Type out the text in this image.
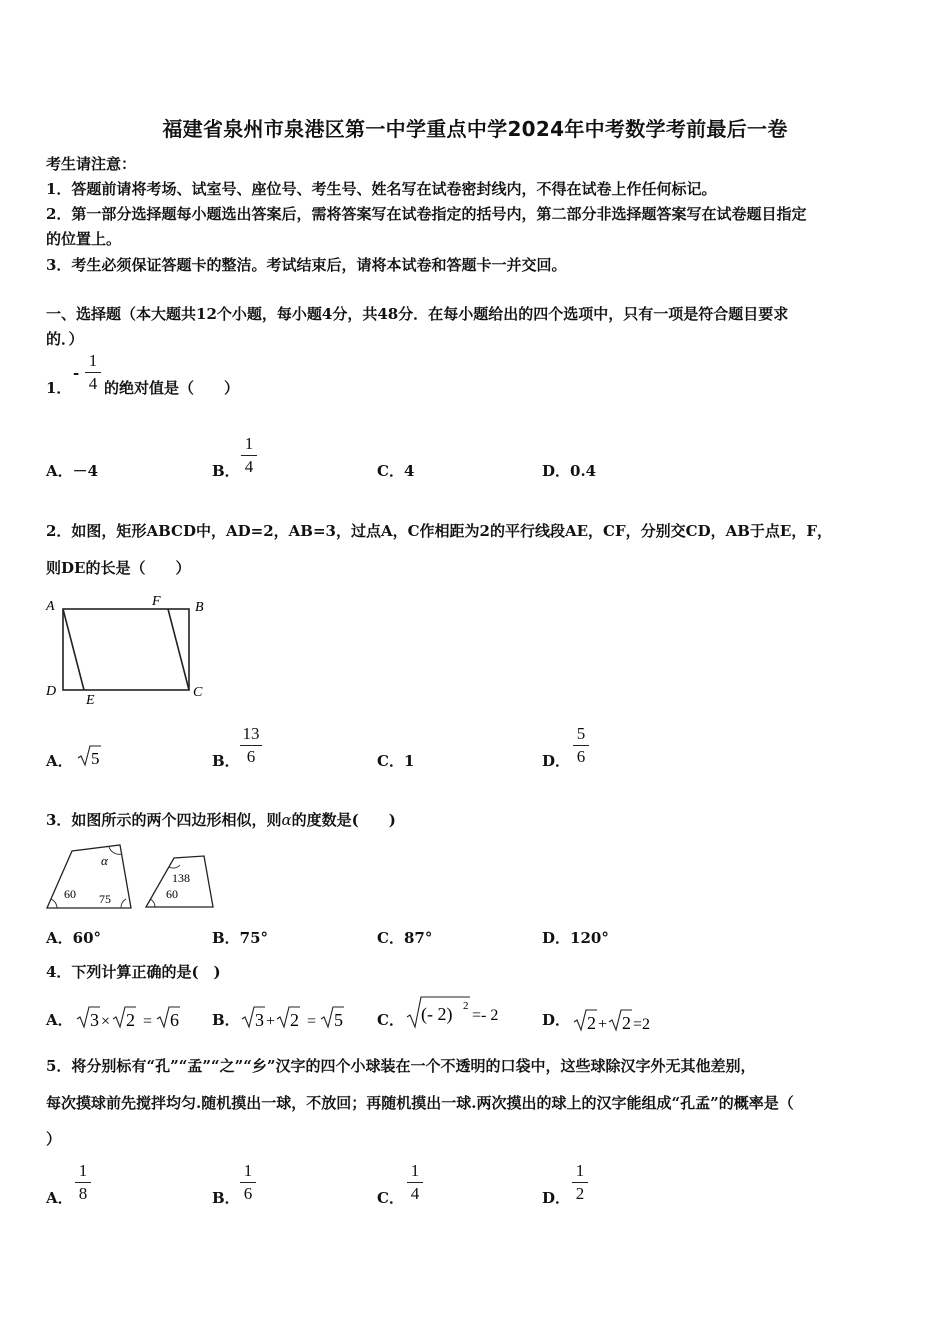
福建省泉州市泉港区第一中学重点中学2024年中考数学考前最后一卷
考生请注意：
1．答题前请将考场、试室号、座位号、考生号、姓名写在试卷密封线内，不得在试卷上作任何标记。
2．第一部分选择题每小题选出答案后，需将答案写在试卷指定的括号内，第二部分非选择题答案写在试卷题目指定
的位置上。
3．考生必须保证答题卡的整洁。考试结束后，请将本试卷和答题卡一并交回。
一、选择题（本大题共12个小题，每小题4分，共48分．在每小题给出的四个选项中，只有一项是符合题目要求
的．）
1．
-
1
4 的绝对值是（　　）
A．－4	B．
1
4	C．4	D．0.4
2．如图，矩形ABCD中，AD=2，AB=3，过点A，C作相距为2的平行线段AE，CF，分别交CD，AB于点E，F，
则DE的长是（　　）
A	F B
D
E
C
A． 5	B．
13
6	C．1	D．
5
6
3．如图所示的两个四边形相似，则α的度数是(　　)
α
60 75
138
60
A．60°	B．75°	C．87°	D．120°
4．下列计算正确的是(　)
A． 3 × 2 = 6 B． 3 + 2 = 5 C． (- 2) 2
=- 2	D． 2 + 2 =2
5．将分别标有“孔”“孟”“之”“乡”汉字的四个小球装在一个不透明的口袋中，这些球除汉字外无其他差别，
每次摸球前先搅拌均匀.随机摸出一球，不放回；再随机摸出一球.两次摸出的球上的汉字能组成“孔孟”的概率是（
）
A．
1
8	B．
1
6	C．
1
4	D．
1
2
